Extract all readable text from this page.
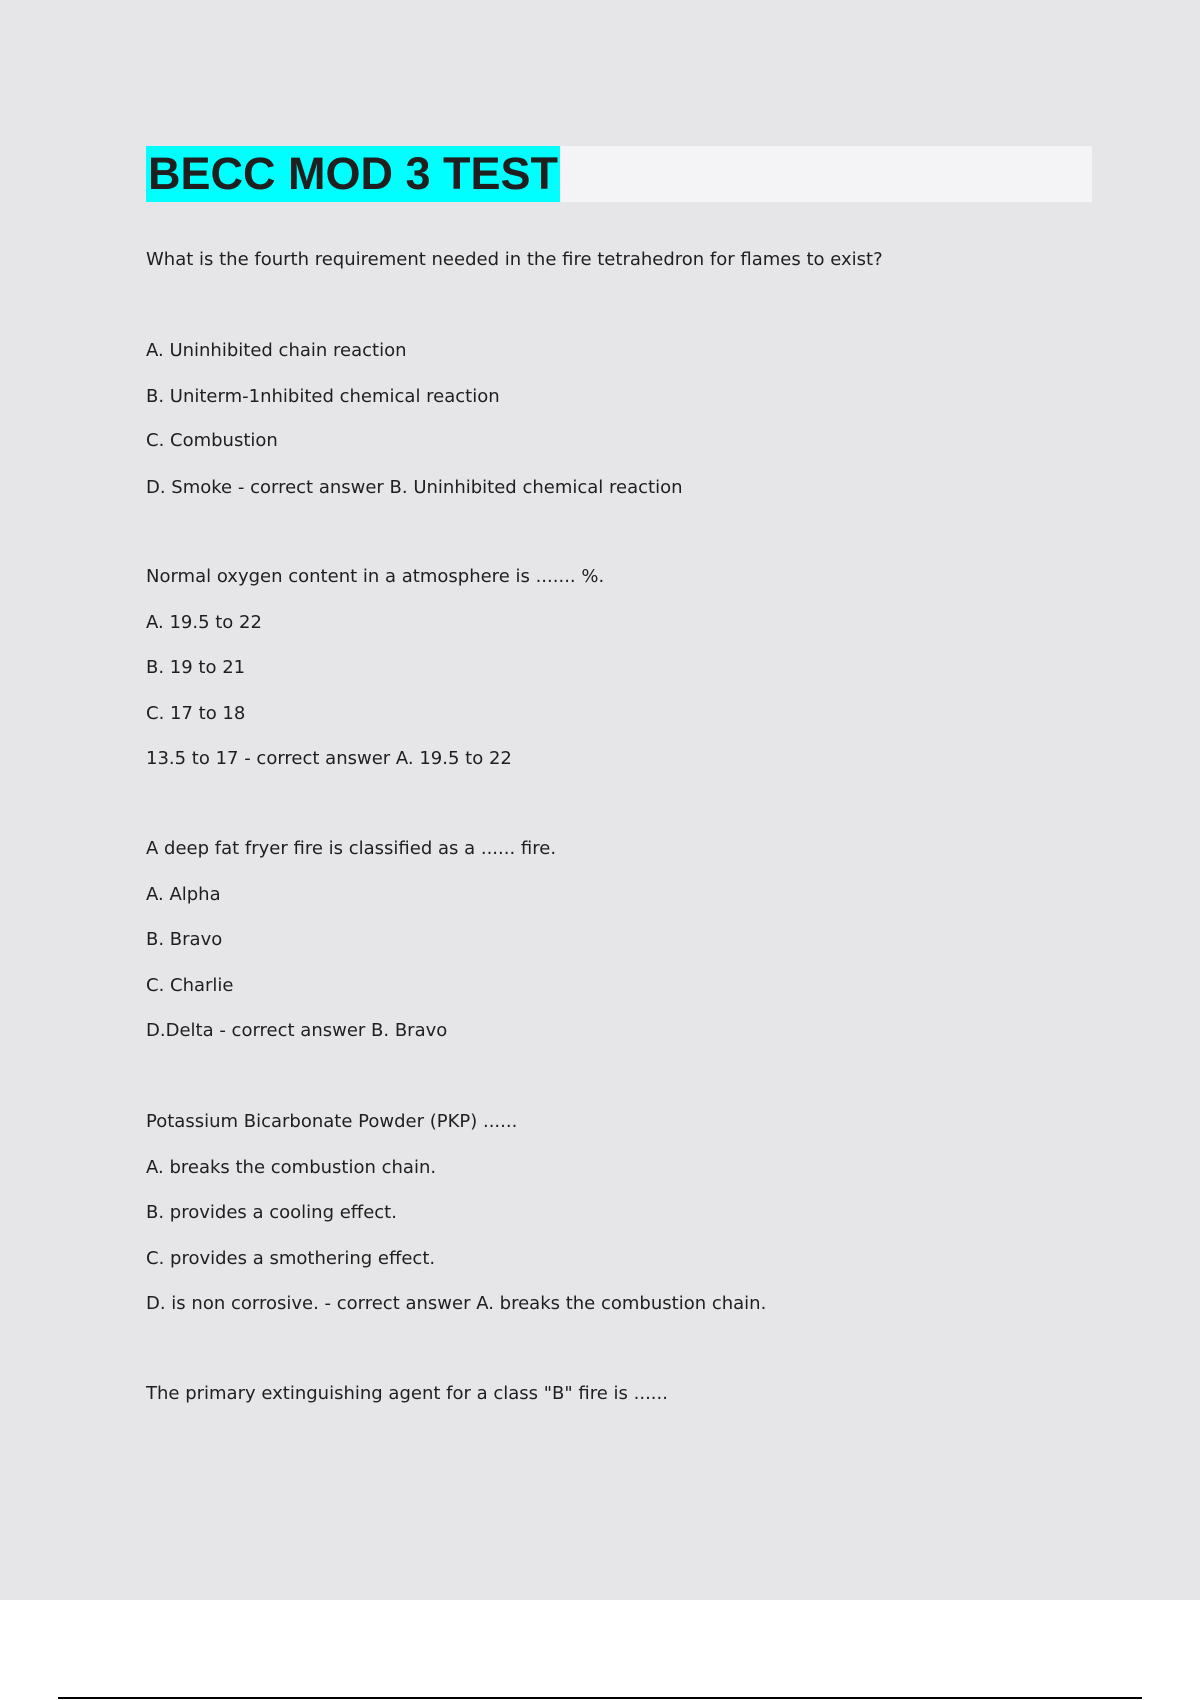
BECC MOD 3 TEST
What is the fourth requirement needed in the fire tetrahedron for flames to exist?
A. Uninhibited chain reaction
B. Uniterm-1nhibited chemical reaction
C. Combustion
D. Smoke - correct answer B. Uninhibited chemical reaction
Normal oxygen content in a atmosphere is ....... %.
A. 19.5 to 22
B. 19 to 21
C. 17 to 18
13.5 to 17 - correct answer A. 19.5 to 22
A deep fat fryer fire is classified as a ...... fire.
A. Alpha
B. Bravo
C. Charlie
D.Delta - correct answer B. Bravo
Potassium Bicarbonate Powder (PKP) ......
A. breaks the combustion chain.
B. provides a cooling effect.
C. provides a smothering effect.
D. is non corrosive. - correct answer A. breaks the combustion chain.
The primary extinguishing agent for a class "B" fire is ......
